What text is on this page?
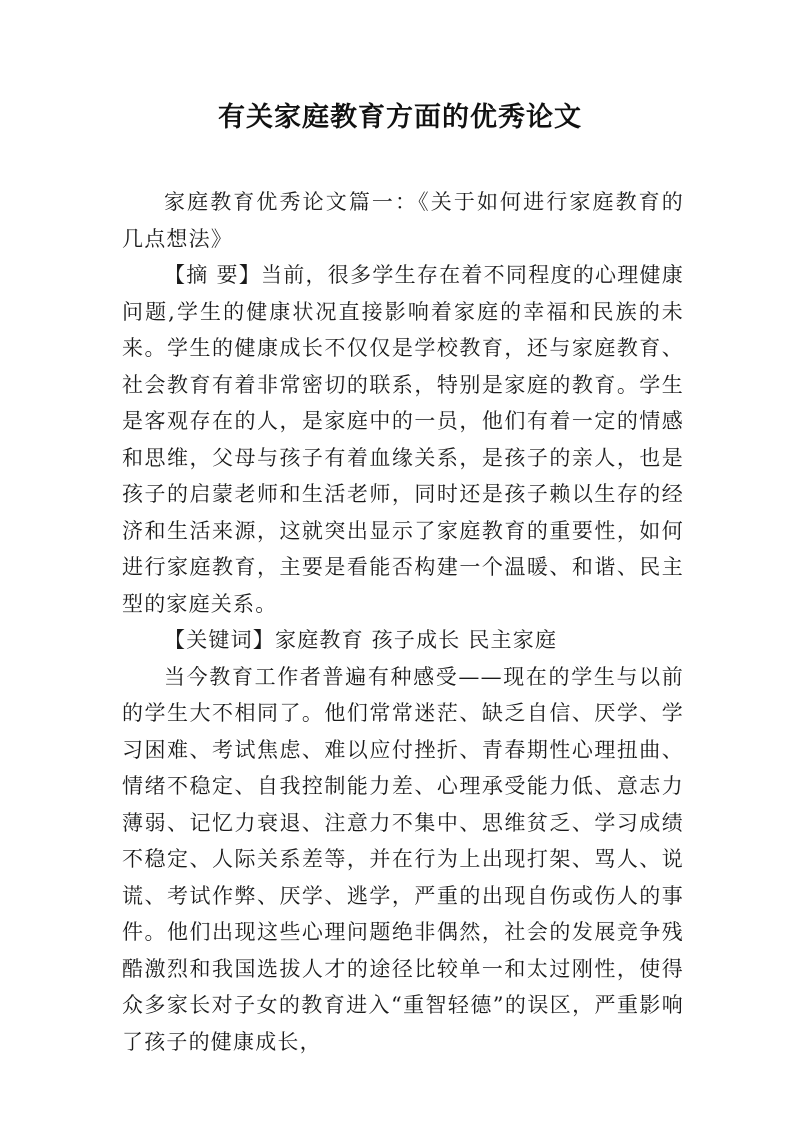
有关家庭教育方面的优秀论文

家庭教育优秀论文篇一：《关于如何进行家庭教育的几点想法》

【摘 要】当前，很多学生存在着不同程度的心理健康问题,学生的健康状况直接影响着家庭的幸福和民族的未来。学生的健康成长不仅仅是学校教育，还与家庭教育、社会教育有着非常密切的联系，特别是家庭的教育。学生是客观存在的人，是家庭中的一员，他们有着一定的情感和思维，父母与孩子有着血缘关系，是孩子的亲人，也是孩子的启蒙老师和生活老师，同时还是孩子赖以生存的经济和生活来源，这就突出显示了家庭教育的重要性，如何进行家庭教育，主要是看能否构建一个温暖、和谐、民主型的家庭关系。

【关键词】家庭教育 孩子成长 民主家庭

当今教育工作者普遍有种感受——现在的学生与以前的学生大不相同了。他们常常迷茫、缺乏自信、厌学、学习困难、考试焦虑、难以应付挫折、青春期性心理扭曲、情绪不稳定、自我控制能力差、心理承受能力低、意志力薄弱、记忆力衰退、注意力不集中、思维贫乏、学习成绩不稳定、人际关系差等，并在行为上出现打架、骂人、说谎、考试作弊、厌学、逃学，严重的出现自伤或伤人的事件。他们出现这些心理问题绝非偶然，社会的发展竞争残酷激烈和我国选拔人才的途径比较单一和太过刚性，使得众多家长对子女的教育进入“重智轻德”的误区，严重影响了孩子的健康成长，
